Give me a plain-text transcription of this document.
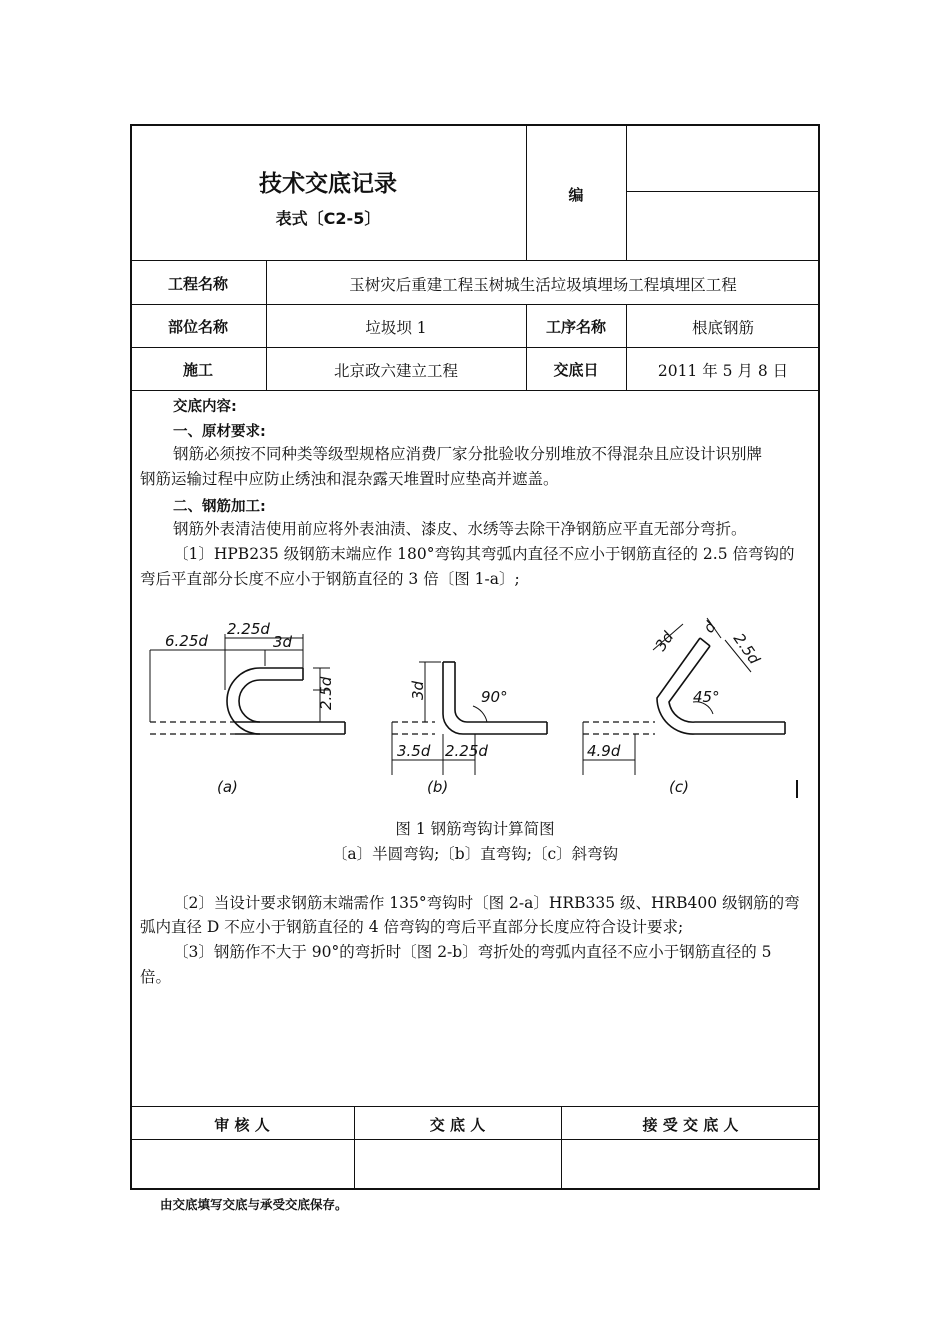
技术交底记录
表式〔C2-5〕
编
工程名称	玉树灾后重建工程玉树城生活垃圾填埋场工程填埋区工程
部位名称	垃圾坝 1	工序名称	根底钢筋
施工	北京政六建立工程	交底日	2011 年 5 月 8 日
交底内容:
一、原材要求:
钢筋必须按不同种类等级型规格应消费厂家分批验收分别堆放不得混杂且应设计识别牌
钢筋运输过程中应防止绣浊和混杂露天堆置时应垫高并遮盖。
二、钢筋加工:
钢筋外表清洁使用前应将外表油渍、漆皮、水绣等去除干净钢筋应平直无部分弯折。
〔1〕HPB235 级钢筋末端应作 180°弯钩其弯弧内直径不应小于钢筋直径的 2.5 倍弯钩的
弯后平直部分长度不应小于钢筋直径的 3 倍〔图 1-a〕;
6.25d
2.25d
3d
2.5d
(a)
3d	90°
3.5d 2.25d
(b)
3d
d
2.5d
45°
4.9d
(c)
图 1 钢筋弯钩计算简图
〔a〕半圆弯钩;〔b〕直弯钩;〔c〕斜弯钩
〔2〕当设计要求钢筋末端需作 135°弯钩时〔图 2-a〕HRB335 级、HRB400 级钢筋的弯
弧内直径 D 不应小于钢筋直径的 4 倍弯钩的弯后平直部分长度应符合设计要求;
〔3〕钢筋作不大于 90°的弯折时〔图 2-b〕弯折处的弯弧内直径不应小于钢筋直径的 5
倍。
审 核 人	交 底 人	接 受 交 底 人
由交底填写交底与承受交底保存。
